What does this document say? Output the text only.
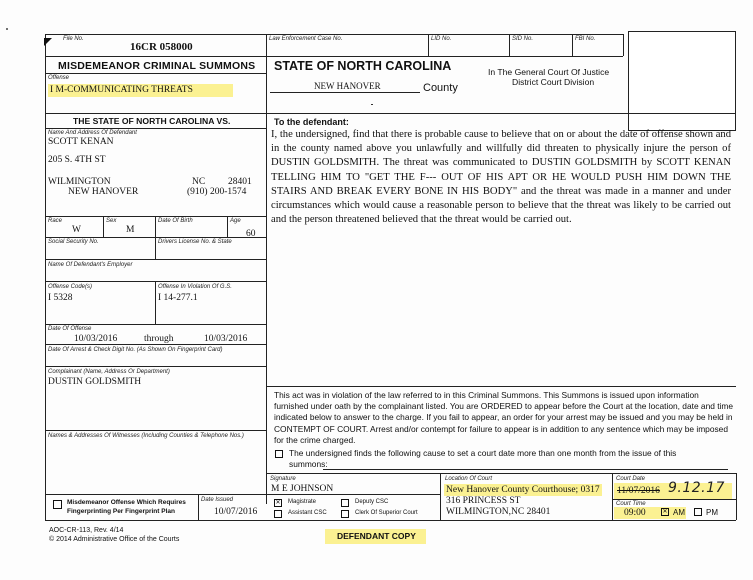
File No.
16CR 058000
Law Enforcement Case No.	LID No.	SID No.	FBI No.
MISDEMEANOR CRIMINAL SUMMONS
Offense
I M-COMMUNICATING THREATS
STATE OF NORTH CAROLINA
NEW HANOVER	County
In The General Court Of Justice
District Court Division
THE STATE OF NORTH CAROLINA VS.
Name And Address Of Defendant
SCOTT KENAN
205 S. 4TH ST
WILMINGTON	NC 28401
NEW HANOVER	(910) 200-1574
Race
W
Sex
M
Date Of Birth	Age
60
Social Security No.	Drivers License No. & State
Name Of Defendant's Employer
Offense Code(s)
I 5328
Offense In Violation Of G.S.
I 14-277.1
Date Of Offense
10/03/2016	through	10/03/2016
Date Of Arrest & Check Digit No. (As Shown On Fingerprint Card)
Complainant (Name, Address Or Department)
DUSTIN GOLDSMITH
Names & Addresses Of Witnesses (Including Counties & Telephone Nos.)
To the defendant:
I, the undersigned, find that there is probable cause to believe that on or about the date of offense shown and in the county named above you unlawfully and willfully did threaten to physically injure the person of DUSTIN GOLDSMITH. The threat was communicated to DUSTIN GOLDSMITH by SCOTT KENAN TELLING HIM TO "GET THE F--- OUT OF HIS APT OR HE WOULD PUSH HIM DOWN THE STAIRS AND BREAK EVERY BONE IN HIS BODY" and the threat was made in a manner and under circumstances which would cause a reasonable person to believe that the threat was likely to be carried out and the person threatened believed that the threat would be carried out.
This act was in violation of the law referred to in this Criminal Summons. This Summons is issued upon information furnished under oath by the complainant listed. You are ORDERED to appear before the Court at the location, date and time indicated below to answer to the charge. If you fail to appear, an order for your arrest may be issued and you may be held in CONTEMPT OF COURT. Arrest and/or contempt for failure to appear is in addition to any sentence which may be imposed for the crime charged.
The undersigned finds the following cause to set a court date more than one month from the issue of this
summons:
Misdemeanor Offense Which Requires
Fingerprinting Per Fingerprint Plan
Date Issued
10/07/2016
Signature
M E JOHNSON
✕ Magistrate	Deputy CSC
Assistant CSC	Clerk Of Superior Court
Location Of Court
New Hanover County Courthouse; 0317
316 PRINCESS ST
WILMINGTON,NC 28401
Court Date
11/07/2016 9.12.17
Court Time
09:00	✕ AM	PM
AOC-CR-113, Rev. 4/14
© 2014 Administrative Office of the Courts	DEFENDANT COPY
